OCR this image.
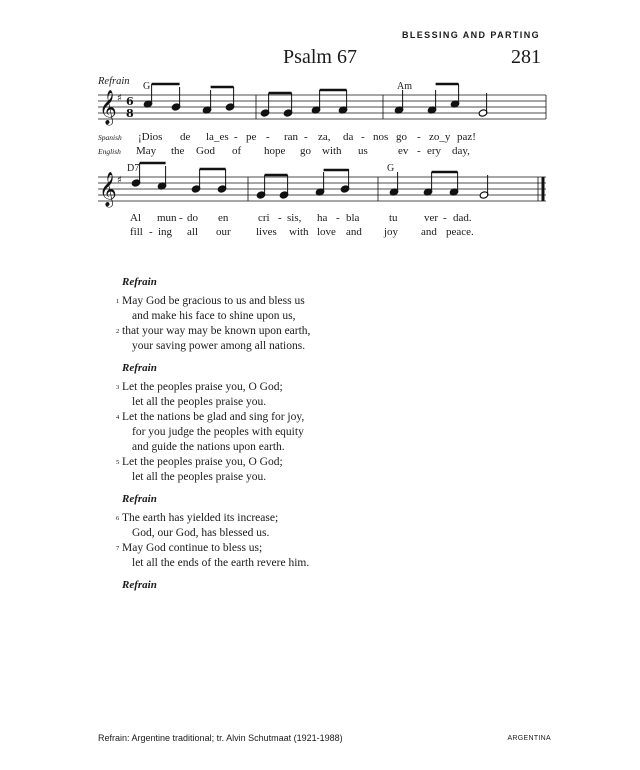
BLESSING AND PARTING
Psalm 67	281
Refrain G	Am
D7	G
𝄞
𝄞
♯
♯
6
8
Spanish
English
¡Dios de la_es - pe - ran - za, da - nos go - zo_y paz!
May the God of hope go with us	ev - ery day,
Al mun - do en	cri - sis, ha - bla	tu ver - dad.
fill - ing all our lives with love and joy and peace.
Refrain
1 May God be gracious to us and bless us
and make his face to shine upon us,
2 that your way may be known upon earth,
your saving power among all nations.
Refrain
3 Let the peoples praise you, O God;
let all the peoples praise you.
4 Let the nations be glad and sing for joy,
for you judge the peoples with equity
and guide the nations upon earth.
5 Let the peoples praise you, O God;
let all the peoples praise you.
Refrain
6 The earth has yielded its increase;
God, our God, has blessed us.
7 May God continue to bless us;
let all the ends of the earth revere him.
Refrain
Refrain: Argentine traditional; tr. Alvin Schutmaat (1921-1988)	ARGENTINA
